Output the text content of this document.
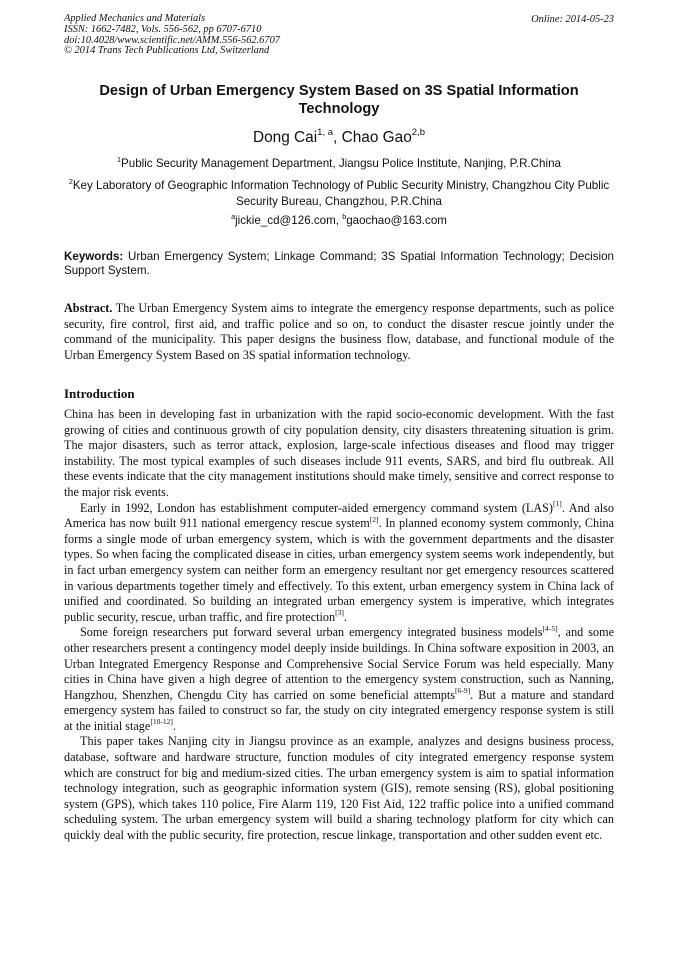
Applied Mechanics and Materials
ISSN: 1662-7482, Vols. 556-562, pp 6707-6710
doi:10.4028/www.scientific.net/AMM.556-562.6707
© 2014 Trans Tech Publications Ltd, Switzerland
Online: 2014-05-23
Design of Urban Emergency System Based on 3S Spatial Information Technology
Dong Cai$^{1, a}$, Chao Gao$^{2,b}$
$^1$Public Security Management Department, Jiangsu Police Institute, Nanjing, P.R.China
$^2$Key Laboratory of Geographic Information Technology of Public Security Ministry, Changzhou City Public Security Bureau, Changzhou, P.R.China
$^a$jickie_cd@126.com, $^b$gaochao@163.com
Keywords: Urban Emergency System; Linkage Command; 3S Spatial Information Technology; Decision Support System.
Abstract. The Urban Emergency System aims to integrate the emergency response departments, such as police security, fire control, first aid, and traffic police and so on, to conduct the disaster rescue jointly under the command of the municipality. This paper designs the business flow, database, and functional module of the Urban Emergency System Based on 3S spatial information technology.
Introduction

China has been in developing fast in urbanization with the rapid socio-economic development. With the fast growing of cities and continuous growth of city population density, city disasters threatening situation is grim. The major disasters, such as terror attack, explosion, large-scale infectious diseases and flood may trigger instability. The most typical examples of such diseases include 911 events, SARS, and bird flu outbreak. All these events indicate that the city management institutions should make timely, sensitive and correct response to the major risk events.

Early in 1992, London has establishment computer-aided emergency command system (LAS)[1]. And also America has now built 911 national emergency rescue system[2]. In planned economy system commonly, China forms a single mode of urban emergency system, which is with the government departments and the disaster types. So when facing the complicated disease in cities, urban emergency system seems work independently, but in fact urban emergency system can neither form an emergency resultant nor get emergency resources scattered in various departments together timely and effectively. To this extent, urban emergency system in China lack of unified and coordinated. So building an integrated urban emergency system is imperative, which integrates public security, rescue, urban traffic, and fire protection[3].

Some foreign researchers put forward several urban emergency integrated business models[4-5], and some other researchers present a contingency model deeply inside buildings. In China software exposition in 2003, an Urban Integrated Emergency Response and Comprehensive Social Service Forum was held especially. Many cities in China have given a high degree of attention to the emergency system construction, such as Nanning, Hangzhou, Shenzhen, Chengdu City has carried on some beneficial attempts[6-9]. But a mature and standard emergency system has failed to construct so far, the study on city integrated emergency response system is still at the initial stage[10-12].

This paper takes Nanjing city in Jiangsu province as an example, analyzes and designs business process, database, software and hardware structure, function modules of city integrated emergency response system which are construct for big and medium-sized cities. The urban emergency system is aim to spatial information technology integration, such as geographic information system (GIS), remote sensing (RS), global positioning system (GPS), which takes 110 police, Fire Alarm 119, 120 Fist Aid, 122 traffic police into a unified command scheduling system. The urban emergency system will build a sharing technology platform for city which can quickly deal with the public security, fire protection, rescue linkage, transportation and other sudden event etc.
